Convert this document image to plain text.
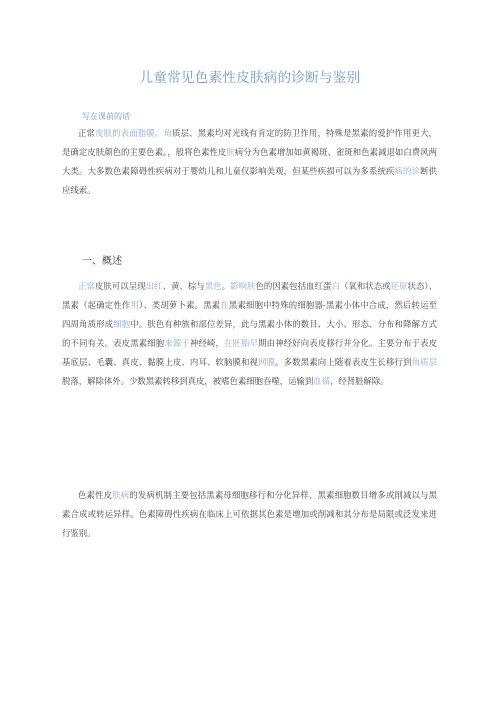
儿童常见色素性皮肤病的诊断与鉴别
写在课前的话

正常皮肤的表面脂膜、角质层、黑素均对光线有肯定的防卫作用，特殊是黑素的爱护作用更大，是确定皮肤颜色的主要色素。，般将色素性皮肤病分为色素增加如黄褐斑、雀斑和色素减退如白费风两大类。大多数色素障碍性疾病对于婴幼儿和儿童仅影响美观，但某些疾损可以为多系统疾病的诊断供应线索。

一、概述

正常皮肤可以呈现出红、黄、棕与黑色。影响肤色的因素包括血红蛋白（氧和状态或还原状态）、黑素（起确定性作用）、类胡萝卜素。黑素在黑素细胞中特殊的细胞器-黑素小体中合成，然后转运至四周角质形成细胞中。肤色有种族和部位差异，此与黑素小体的数目、大小、形态、分布和降解方式的不同有关。表皮黑素细胞来源于神经崎，在胚胎早期由神经好向表皮移行并分化。主要分布于表皮基底层、毛囊、真皮、黏膜上皮、内耳、软脑膜和视网膜。多数黑素向上随着表皮生长移行到角质层脱落，解除体外。少数黑素转移到真皮，被嗜色素细胞吞噬，运输到血循，经肾脏解除。

色素性皮肤病的发病机制主要包括黑素母细胞移行和分化异样、黑素细胞数目增多或削减以与黑素合成或转运异样。色素障碍性疾病在临床上可依据其色素是增加或削减和其分布是局限或泛发来进行鉴别。
